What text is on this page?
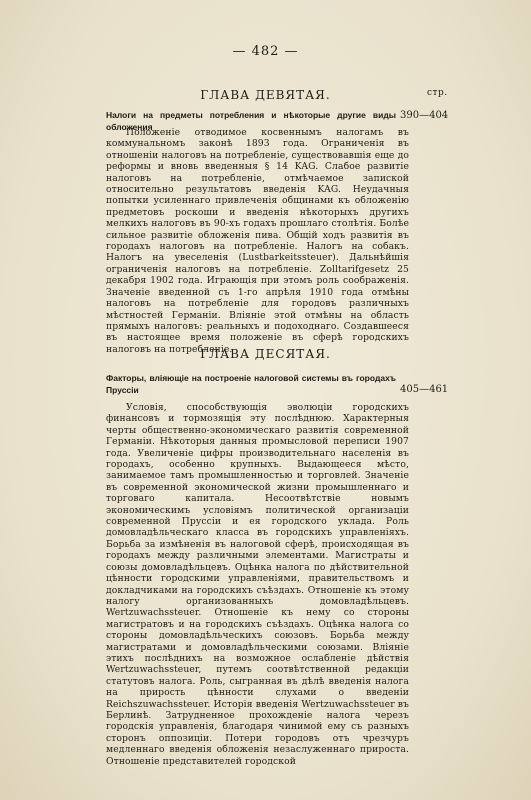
— 482 —
ГЛАВА ДЕВЯТАЯ.	стр.
Налоги на предметы потребления и нѣкоторые другие виды обложения
390—404

Положеніе отводимое косвеннымъ налогамъ въ коммунальномъ законѣ 1893 года. Ограниченія въ отношеніи налоговъ на потребленіе, существовавшія еще до реформы и вновь введенныя § 14 KAG. Слабое развитіе налоговъ на потребленіе, отмѣчаемое запиской относительно результатовъ введенія KAG. Неудачныя попытки усиленнаго привлеченія общинами къ обложенію предметовъ роскоши и введенія нѣкоторыхъ другихъ мелкихъ налоговъ въ 90-хъ годахъ прошлаго столѣтія. Болѣе сильное развитіе обложенія пива. Общій ходъ развитія въ городахъ налоговъ на потребленіе. Налогъ на собакъ. Налогъ на увеселенія (Lustbarkeitssteuer). Дальнѣйшія ограниченія налоговъ на потребленіе. Zolltarifgesetz 25 декабря 1902 года. Играющія при этомъ роль соображенія. Значеніе введенной съ 1-го апрѣля 1910 года отмѣны налоговъ на потребленіе для городовъ различныхъ мѣстностей Германіи. Вліяніе этой отмѣны на область прямыхъ налоговъ: реальныхъ и подоходнаго. Создавшееся въ настоящее время положеніе въ сферѣ городскихъ налоговъ на потребленіе.

ГЛАВА ДЕСЯТАЯ.
Факторы, вліяющіе на построеніе налоговой системы въ городахъ Пруссіи	405—461

Условія, способствующія эволюціи городскихъ финансовъ и тормозящія эту послѣднюю. Характерныя черты общественно-экономическаго развитія современной Германіи. Нѣкоторыя данныя промысловой переписи 1907 года. Увеличеніе цифры производительнаго населенія въ городахъ, особенно крупныхъ. Выдающееся мѣсто, занимаемое тамъ промышленностью и торговлей. Значеніе въ современной экономической жизни промышленнаго и торговаго капитала. Несоотвѣтствіе новымъ экономическимъ условіямъ политической организаціи современной Пруссіи и ея городского уклада. Роль домовладѣльческаго класса въ городскихъ управленіяхъ. Борьба за измѣненія въ налоговой сферѣ, происходящая въ городахъ между различными элементами. Магистраты и союзы домовладѣльцевъ. Оцѣнка налога по дѣйствительной цѣнности городскими управленіями, правительствомъ и докладчиками на городскихъ съѣздахъ. Отношеніе къ этому налогу организованныхъ домовладѣльцевъ. Wertzuwachssteuer. Отношеніе къ нему со стороны магистратовъ и на городскихъ съѣздахъ. Оцѣнка налога со стороны домовладѣльческихъ союзовъ. Борьба между магистратами и домовладѣльческими союзами. Вліяніе этихъ послѣднихъ на возможное ослабленіе дѣйствія Wertzuwachssteuer, путемъ соотвѣтственной редакціи статутовъ налога. Роль, сыгранная въ дѣлѣ введенія налога на прирость цѣнности слухами о введеніи Reichszuwachssteuer. Исторія введенія Wertzuwachssteuer въ Берлинѣ. Затрудненное прохожденіе налога черезъ городскія управленія, благодаря чинимой ему съ разныхъ сторонъ оппозиціи. Потери городовъ отъ чрезчуръ медленнаго введенія обложенія незаслуженнаго прироста. Отношеніе представителей городской
